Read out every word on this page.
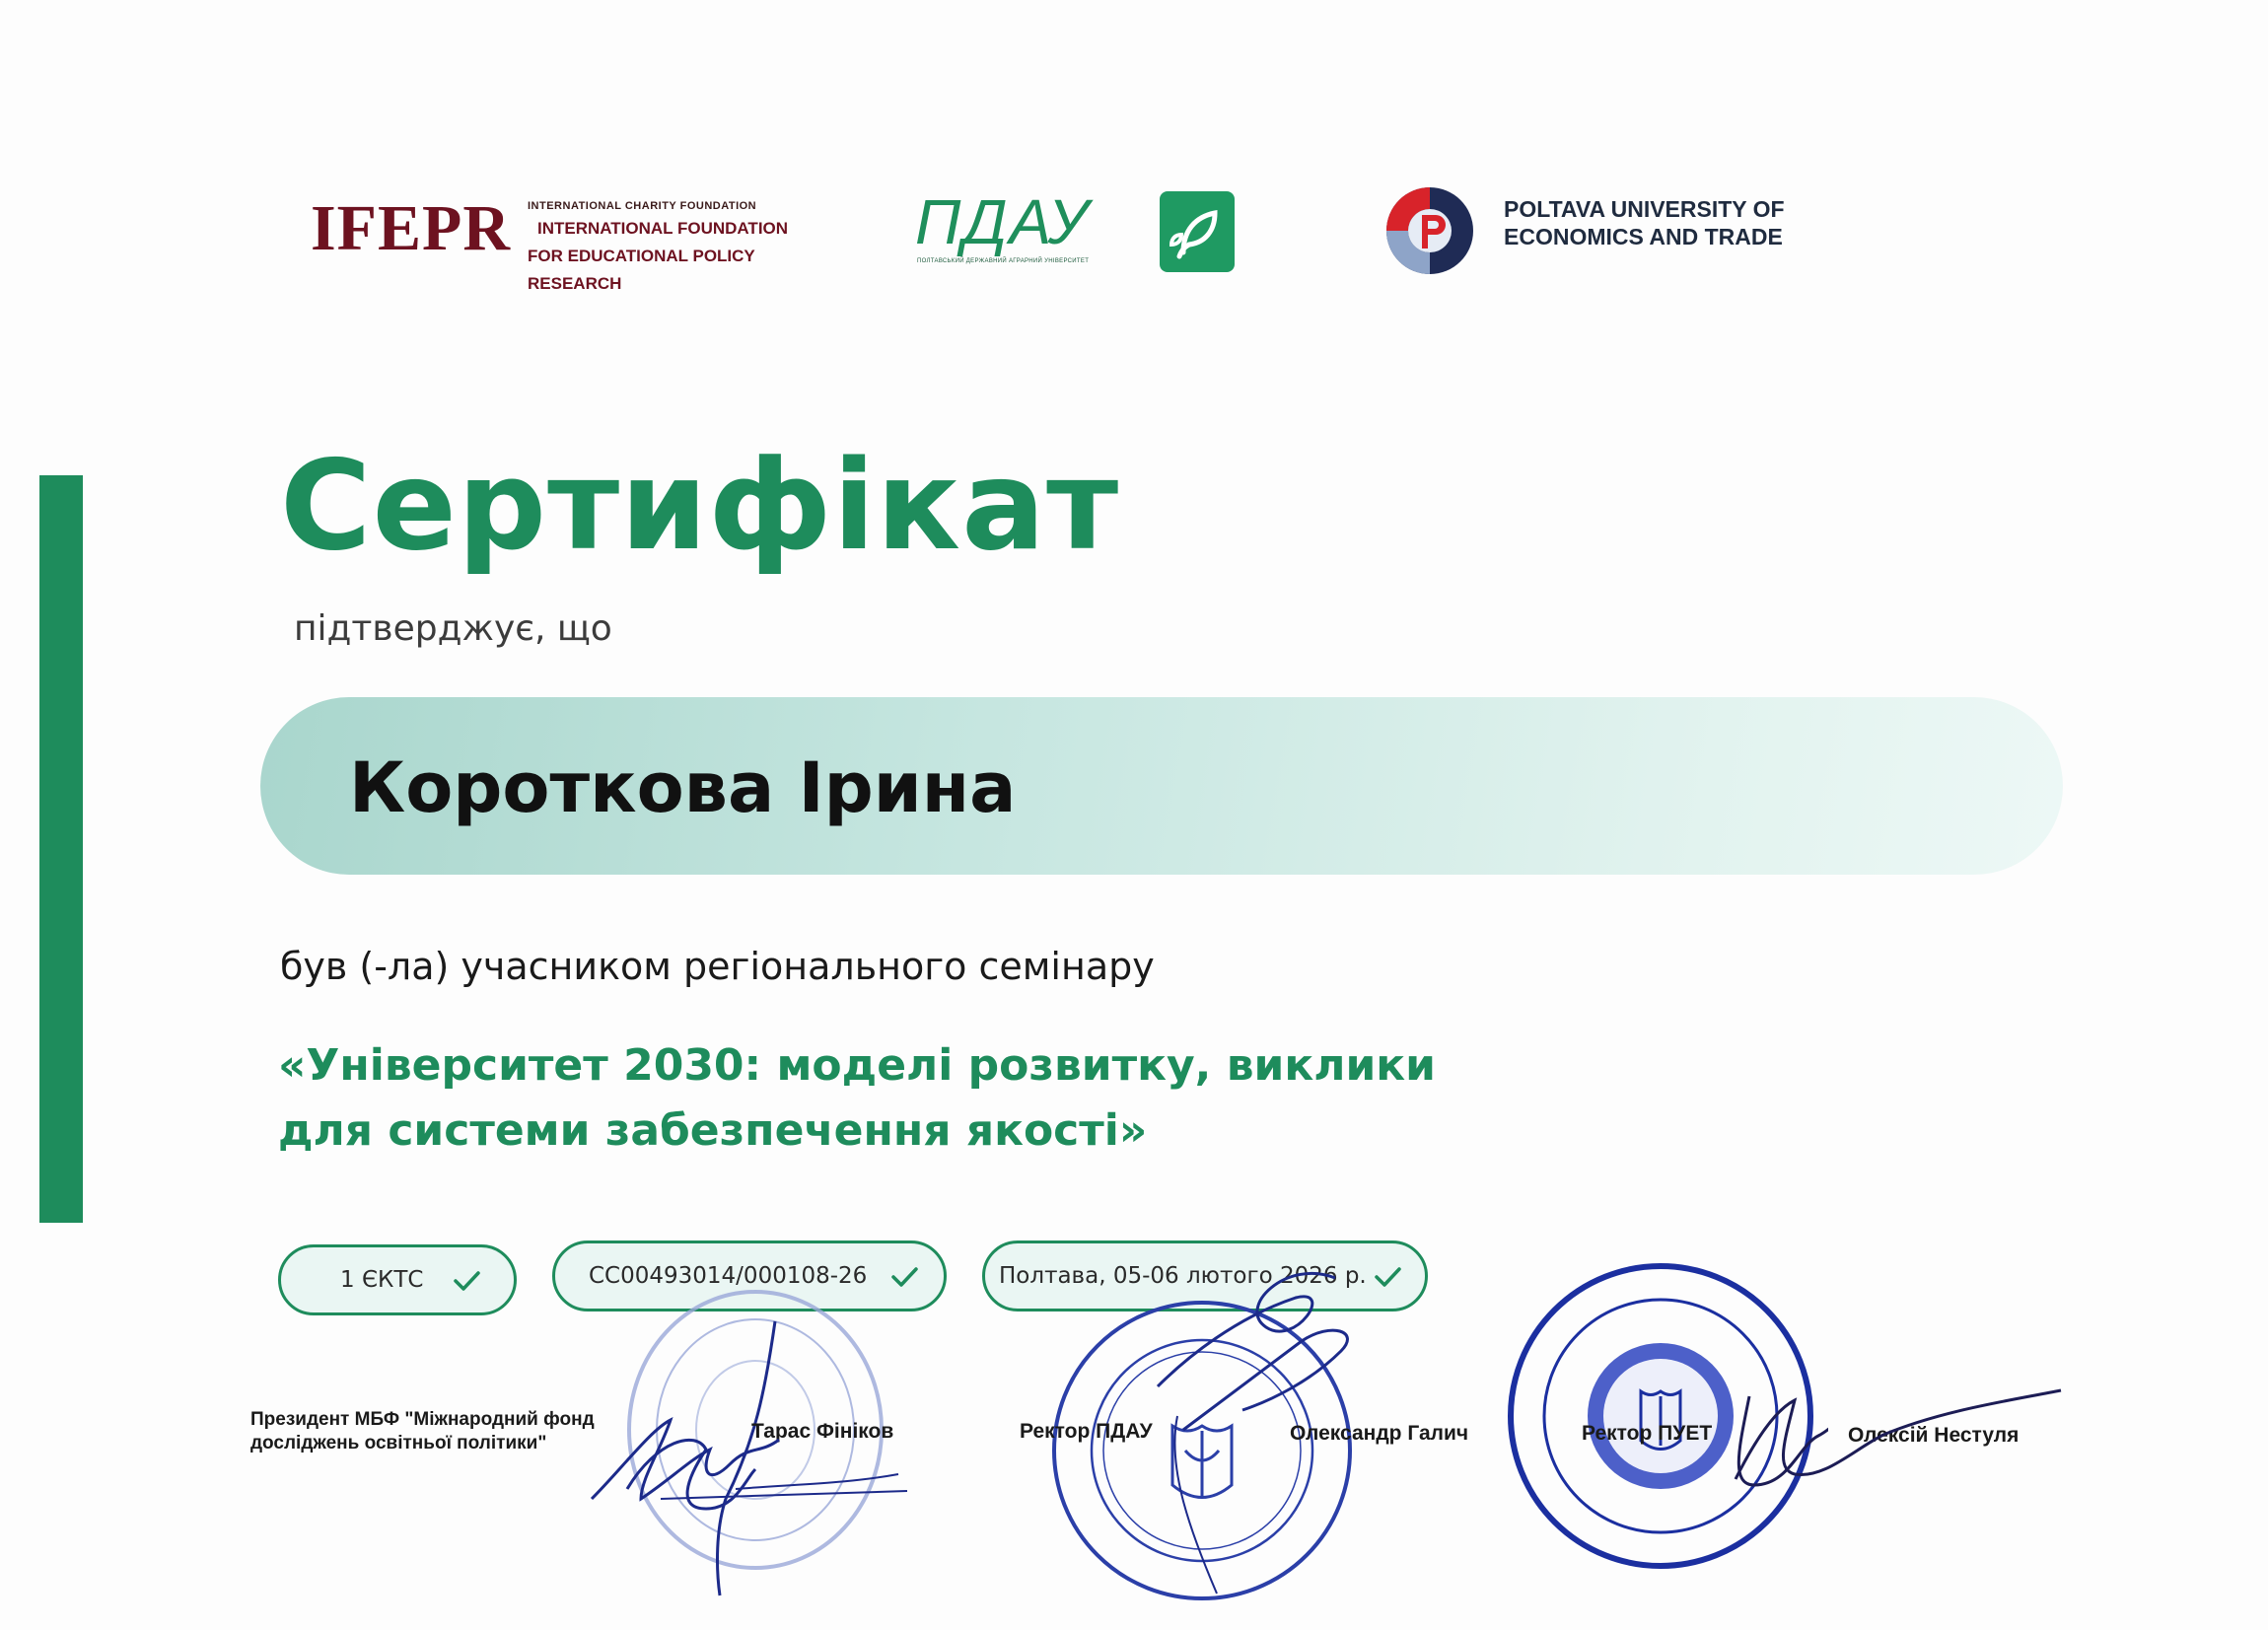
IFEPR INTERNATIONAL CHARITY FOUNDATION
INTERNATIONAL FOUNDATION
FOR EDUCATIONAL POLICY RESEARCH
ПДАУ
ПОЛТАВСЬКИЙ ДЕРЖАВНИЙ АГРАРНИЙ УНІВЕРСИТЕТ
POLTAVA UNIVERSITY OF
ECONOMICS AND TRADE
Сертифікат
підтверджує, що
Короткова Ірина
був (-ла) учасником регіонального семінару
«Університет 2030: моделі розвитку, виклики
для системи забезпечення якості»
1 ЄКТС	CC00493014/000108-26	Полтава, 05-06 лютого 2026 р.
Президент МБФ "Міжнародний фонд досліджень освітньої політики"
Тарас Фініков	Ректор ПДАУ	Олександр Галич	Ректор ПУЕТ	Олексій Нестуля
